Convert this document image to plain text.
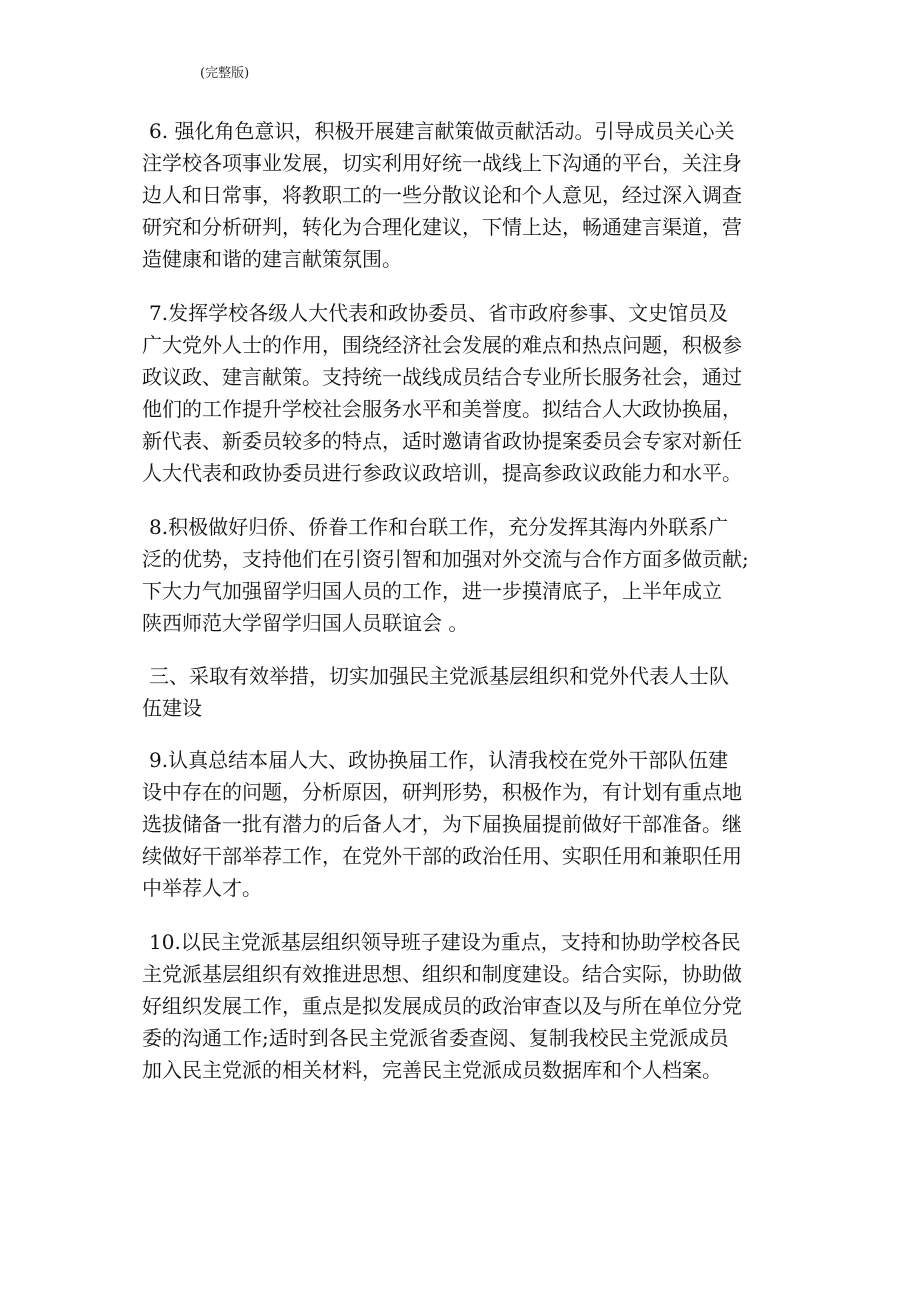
(完整版)
6. 强化角色意识，积极开展建言献策做贡献活动。引导成员关心关
注学校各项事业发展，切实利用好统一战线上下沟通的平台，关注身
边人和日常事，将教职工的一些分散议论和个人意见，经过深入调查
研究和分析研判，转化为合理化建议，下情上达，畅通建言渠道，营
造健康和谐的建言献策氛围。
7.发挥学校各级人大代表和政协委员、省市政府参事、文史馆员及
广大党外人士的作用，围绕经济社会发展的难点和热点问题，积极参
政议政、建言献策。支持统一战线成员结合专业所长服务社会，通过
他们的工作提升学校社会服务水平和美誉度。拟结合人大政协换届，
新代表、新委员较多的特点，适时邀请省政协提案委员会专家对新任
人大代表和政协委员进行参政议政培训，提高参政议政能力和水平。
8.积极做好归侨、侨眷工作和台联工作，充分发挥其海内外联系广
泛的优势，支持他们在引资引智和加强对外交流与合作方面多做贡献;
下大力气加强留学归国人员的工作，进一步摸清底子，上半年成立
陕西师范大学留学归国人员联谊会 。
三、采取有效举措，切实加强民主党派基层组织和党外代表人士队
伍建设
9.认真总结本届人大、政协换届工作，认清我校在党外干部队伍建
设中存在的问题，分析原因，研判形势，积极作为，有计划有重点地
选拔储备一批有潜力的后备人才，为下届换届提前做好干部准备。继
续做好干部举荐工作，在党外干部的政治任用、实职任用和兼职任用
中举荐人才。
10.以民主党派基层组织领导班子建设为重点，支持和协助学校各民
主党派基层组织有效推进思想、组织和制度建设。结合实际，协助做
好组织发展工作，重点是拟发展成员的政治审查以及与所在单位分党
委的沟通工作;适时到各民主党派省委查阅、复制我校民主党派成员
加入民主党派的相关材料，完善民主党派成员数据库和个人档案。
